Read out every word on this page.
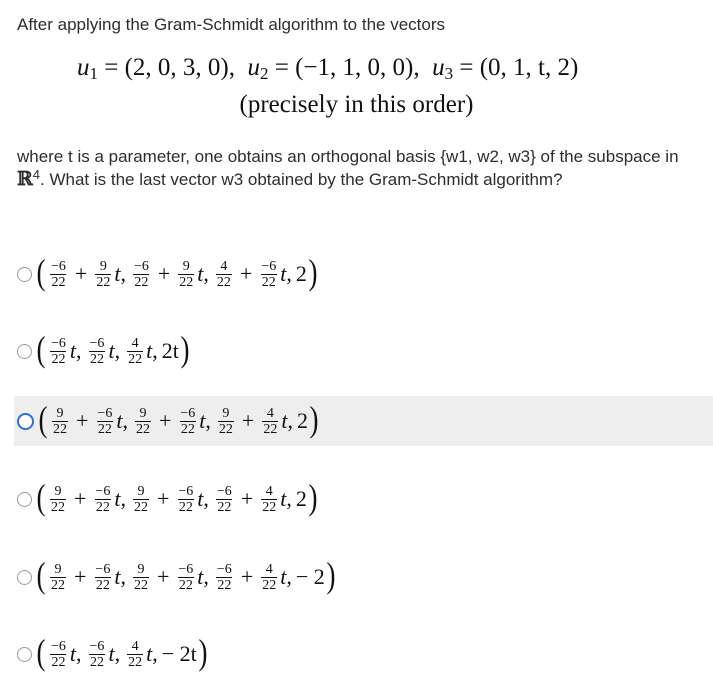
After applying the Gram-Schmidt algorithm to the vectors
$u_1 = (2$, 0, 3, 0), $u_2 = (-1$, 1, 0, 0), $u_3 = (0$, 1, t, 2)
(precisely in this order)
where t is a parameter, one obtains an orthogonal basis {w1, w2, w3} of the subspace in ℝ$^4$. What is the last vector w3 obtained by the Gram-Schmidt algorithm?
( $\frac{-6}{22} + \frac{9}{22}$ t , $\frac{-6}{22} + \frac{9}{22}$ t , $\frac{4}{22} + \frac{-6}{22}$ t , 2 )
( $\frac{-6}{22}$ t , $\frac{-6}{22}$ t , $\frac{4}{22}$ t , 2t )
( $\frac{9}{22} + \frac{-6}{22}$ t , $\frac{9}{22} + \frac{-6}{22}$ t , $\frac{9}{22} + \frac{4}{22}$ t , 2 )
( $\frac{9}{22} + \frac{-6}{22}$ t , $\frac{9}{22} + \frac{-6}{22}$ t , $\frac{-6}{22} + \frac{4}{22}$ t , 2 )
( $\frac{9}{22} + \frac{-6}{22}$ t , $\frac{9}{22} + \frac{-6}{22}$ t , $\frac{-6}{22} + \frac{4}{22}$ t , − 2 )
( $\frac{-6}{22}$ t , $\frac{-6}{22}$ t , $\frac{4}{22}$ t , − 2t )
